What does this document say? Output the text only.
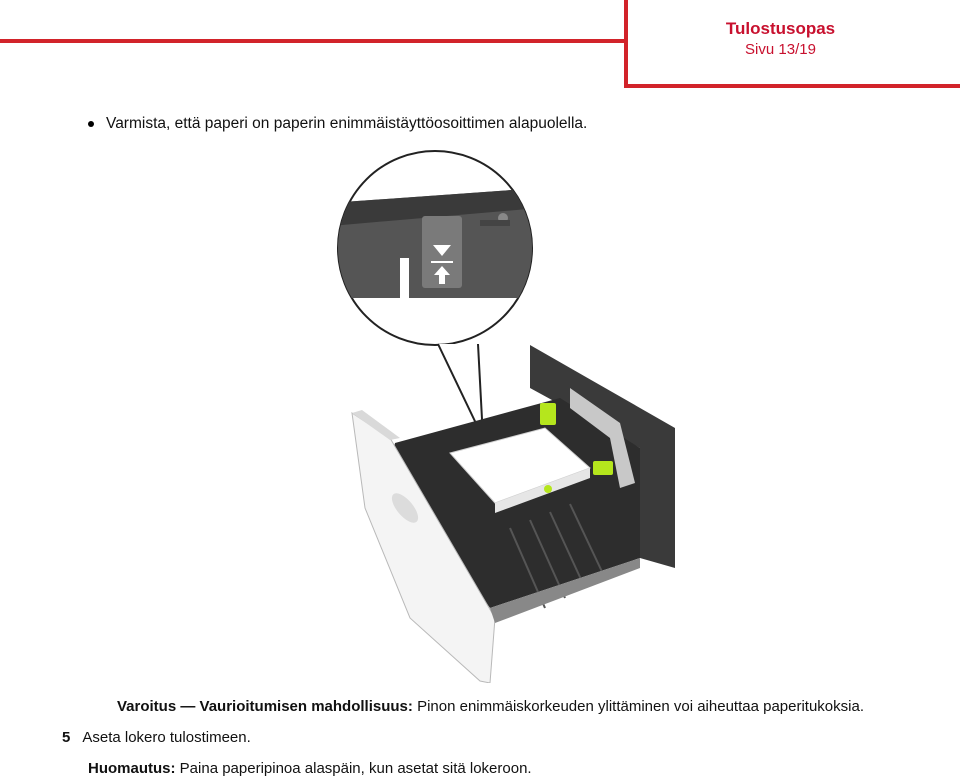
Tulostusopas
Sivu 13/19
Varmista, että paperi on paperin enimmäistäyttöosoittimen alapuolella.
Varoitus — Vaurioitumisen mahdollisuus: Pinon enimmäiskorkeuden ylittäminen voi aiheuttaa paperitukoksia.
5 Aseta lokero tulostimeen.
Huomautus: Paina paperipinoa alaspäin, kun asetat sitä lokeroon.
